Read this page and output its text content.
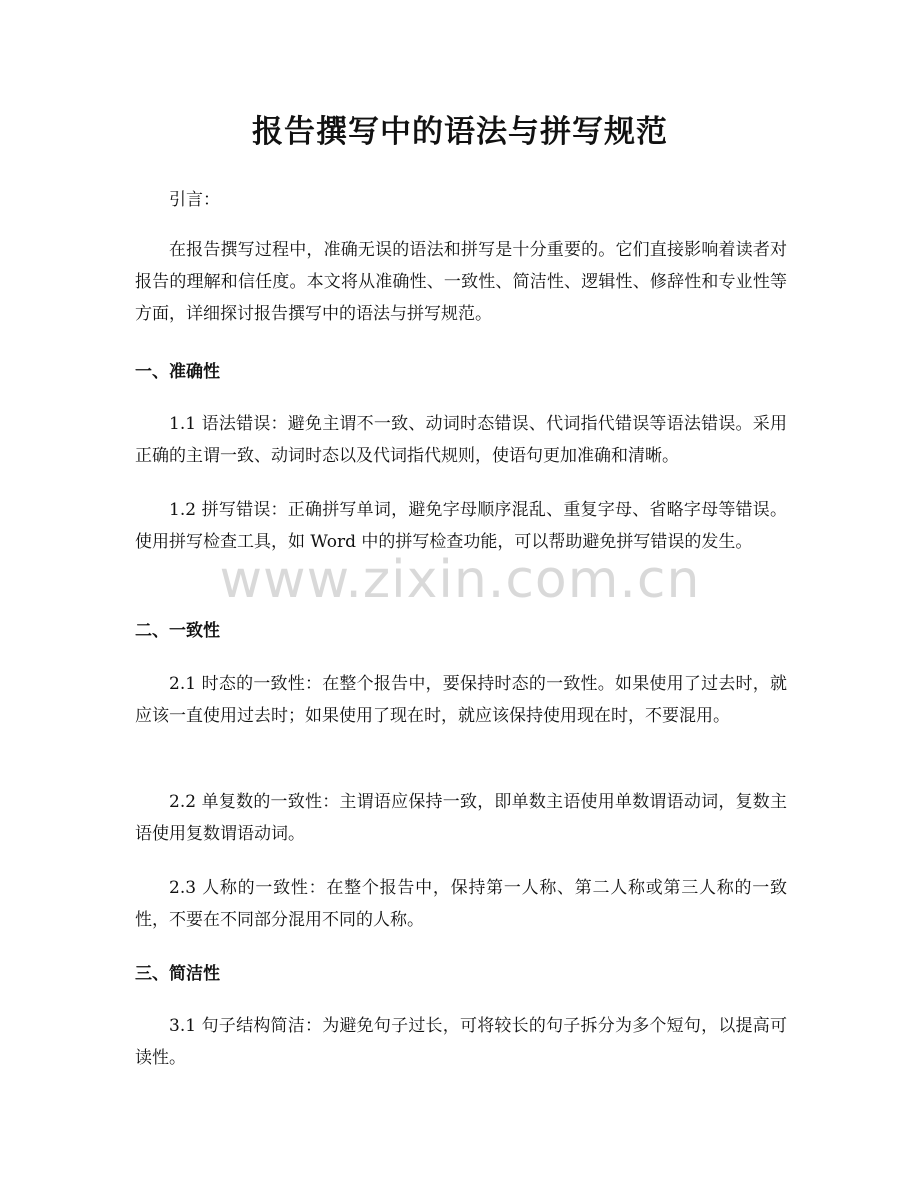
报告撰写中的语法与拼写规范

引言：

在报告撰写过程中，准确无误的语法和拼写是十分重要的。它们直接影响着读者对报告的理解和信任度。本文将从准确性、一致性、简洁性、逻辑性、修辞性和专业性等方面，详细探讨报告撰写中的语法与拼写规范。

一、准确性

1.1 语法错误：避免主谓不一致、动词时态错误、代词指代错误等语法错误。采用正确的主谓一致、动词时态以及代词指代规则，使语句更加准确和清晰。

1.2 拼写错误：正确拼写单词，避免字母顺序混乱、重复字母、省略字母等错误。使用拼写检查工具，如 Word 中的拼写检查功能，可以帮助避免拼写错误的发生。

二、一致性

2.1 时态的一致性：在整个报告中，要保持时态的一致性。如果使用了过去时，就应该一直使用过去时；如果使用了现在时，就应该保持使用现在时，不要混用。

2.2 单复数的一致性：主谓语应保持一致，即单数主语使用单数谓语动词，复数主语使用复数谓语动词。

2.3 人称的一致性：在整个报告中，保持第一人称、第二人称或第三人称的一致性，不要在不同部分混用不同的人称。

三、简洁性

3.1 句子结构简洁：为避免句子过长，可将较长的句子拆分为多个短句，以提高可读性。

www.zixin.com.cn
